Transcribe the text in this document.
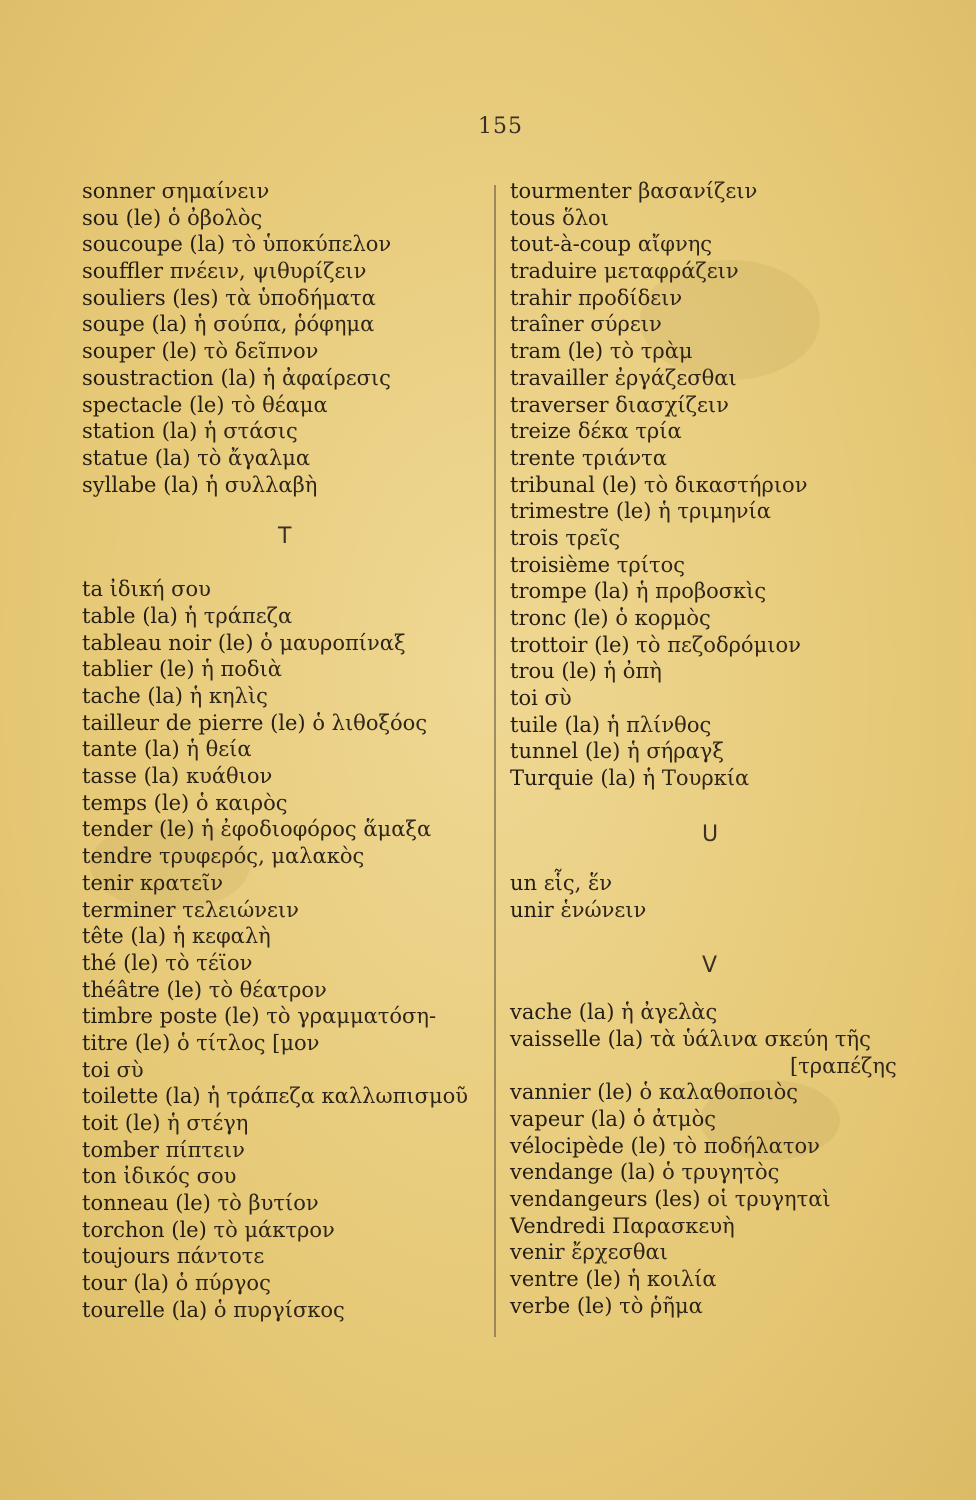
155
sonner σημαίνειν
sou (le) ὁ ὀβολὸς
soucoupe (la) τὸ ὑποκύπελον
souffler πνέειν, ψιθυρίζειν
souliers (les) τὰ ὑποδήματα
soupe (la) ἡ σούπα, ῥόφημα
souper (le) τὸ δεῖπνον
soustraction (la) ἡ ἀφαίρεσις
spectacle (le) τὸ θέαμα
station (la) ἡ στάσις
statue (la) τὸ ἄγαλμα
syllabe (la) ἡ συλλαβὴ
T
ta ἰδική σου
table (la) ἡ τράπεζα
tableau noir (le) ὁ μαυροπίναξ
tablier (le) ἡ ποδιὰ
tache (la) ἡ κηλὶς
tailleur de pierre (le) ὁ λιθοξόος
tante (la) ἡ θεία
tasse (la) κυάθιον
temps (le) ὁ καιρὸς
tender (le) ἡ ἐφοδιοφόρος ἅμαξα
tendre τρυφερός, μαλακὸς
tenir κρατεῖν
terminer τελειώνειν
tête (la) ἡ κεφαλὴ
thé (le) τὸ τέϊον
théâtre (le) τὸ θέατρον
timbre poste (le) τὸ γραμματόση-
titre (le) ὁ τίτλος [μον
toi σὺ
toilette (la) ἡ τράπεζα καλλωπισμοῦ
toit (le) ἡ στέγη
tomber πίπτειν
ton ἰδικός σου
tonneau (le) τὸ βυτίον
torchon (le) τὸ μάκτρον
toujours πάντοτε
tour (la) ὁ πύργος
tourelle (la) ὁ πυργίσκος
tourmenter βασανίζειν
tous ὅλοι
tout-à-coup αἴφνης
traduire μεταφράζειν
trahir προδίδειν
traîner σύρειν
tram (le) τὸ τρὰμ
travailler ἐργάζεσθαι
traverser διασχίζειν
treize δέκα τρία
trente τριάντα
tribunal (le) τὸ δικαστήριον
trimestre (le) ἡ τριμηνία
trois τρεῖς
troisième τρίτος
trompe (la) ἡ προβοσκὶς
tronc (le) ὁ κορμὸς
trottoir (le) τὸ πεζοδρόμιον
trou (le) ἡ ὀπὴ
toi σὺ
tuile (la) ἡ πλίνθος
tunnel (le) ἡ σήραγξ
Turquie (la) ἡ Τουρκία
U
un εἷς, ἕν
unir ἑνώνειν
V
vache (la) ἡ ἀγελὰς
vaisselle (la) τὰ ὑάλινα σκεύη τῆς
[τραπέζης
vannier (le) ὁ καλαθοποιὸς
vapeur (la) ὁ ἀτμὸς
vélocipède (le) τὸ ποδήλατον
vendange (la) ὁ τρυγητὸς
vendangeurs (les) οἱ τρυγηταὶ
Vendredi Παρασκευὴ
venir ἔρχεσθαι
ventre (le) ἡ κοιλία
verbe (le) τὸ ῥῆμα
